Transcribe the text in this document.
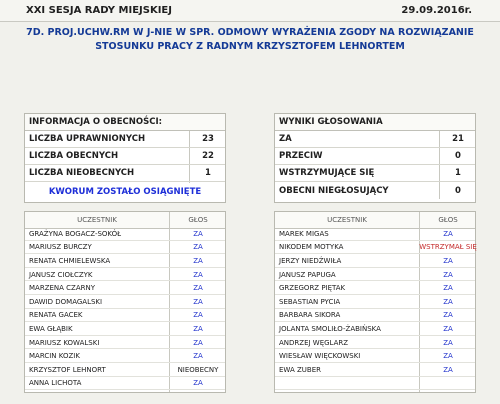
XXI SESJA RADY MIEJSKIEJ	29.09.2016r.
7D. PROJ.UCHW.RM W J-NIE W SPR. ODMOWY WYRAŻENIA ZGODY NA ROZWIĄZANIE
STOSUNKU PRACY Z RADNYM KRZYSZTOFEM LEHNORTEM
INFORMACJA O OBECNOŚCI:
LICZBA UPRAWNIONYCH	23
LICZBA OBECNYCH	22
LICZBA NIEOBECNYCH	1
KWORUM ZOSTAŁO OSIĄGNIĘTE
WYNIKI GŁOSOWANIA
ZA	21
PRZECIW	0
WSTRZYMUJĄCE SIĘ	1
OBECNI NIEGŁOSUJĄCY	0
UCZESTNIK	GŁOS
GRAŻYNA BOGACZ-SOKÓŁ	ZA
MARIUSZ BURCZY	ZA
RENATA CHMIELEWSKA	ZA
JANUSZ CIOŁCZYK	ZA
MARZENA CZARNY	ZA
DAWID DOMAGALSKI	ZA
RENATA GACEK	ZA
EWA GŁĄBIK	ZA
MARIUSZ KOWALSKI	ZA
MARCIN KOZIK	ZA
KRZYSZTOF LEHNORT	NIEOBECNY
ANNA LICHOTA	ZA
UCZESTNIK	GŁOS
MAREK MIGAS	ZA
NIKODEM MOTYKA	WSTRZYMAŁ SIĘ
JERZY NIEDŹWIŁA	ZA
JANUSZ PAPUGA	ZA
GRZEGORZ PIĘTAK	ZA
SEBASTIAN PYCIA	ZA
BARBARA SIKORA	ZA
JOLANTA SMOLIŁO-ŻABIŃSKA	ZA
ANDRZEJ WĘGLARZ	ZA
WIESŁAW WIĘCKOWSKI	ZA
EWA ZUBER	ZA
